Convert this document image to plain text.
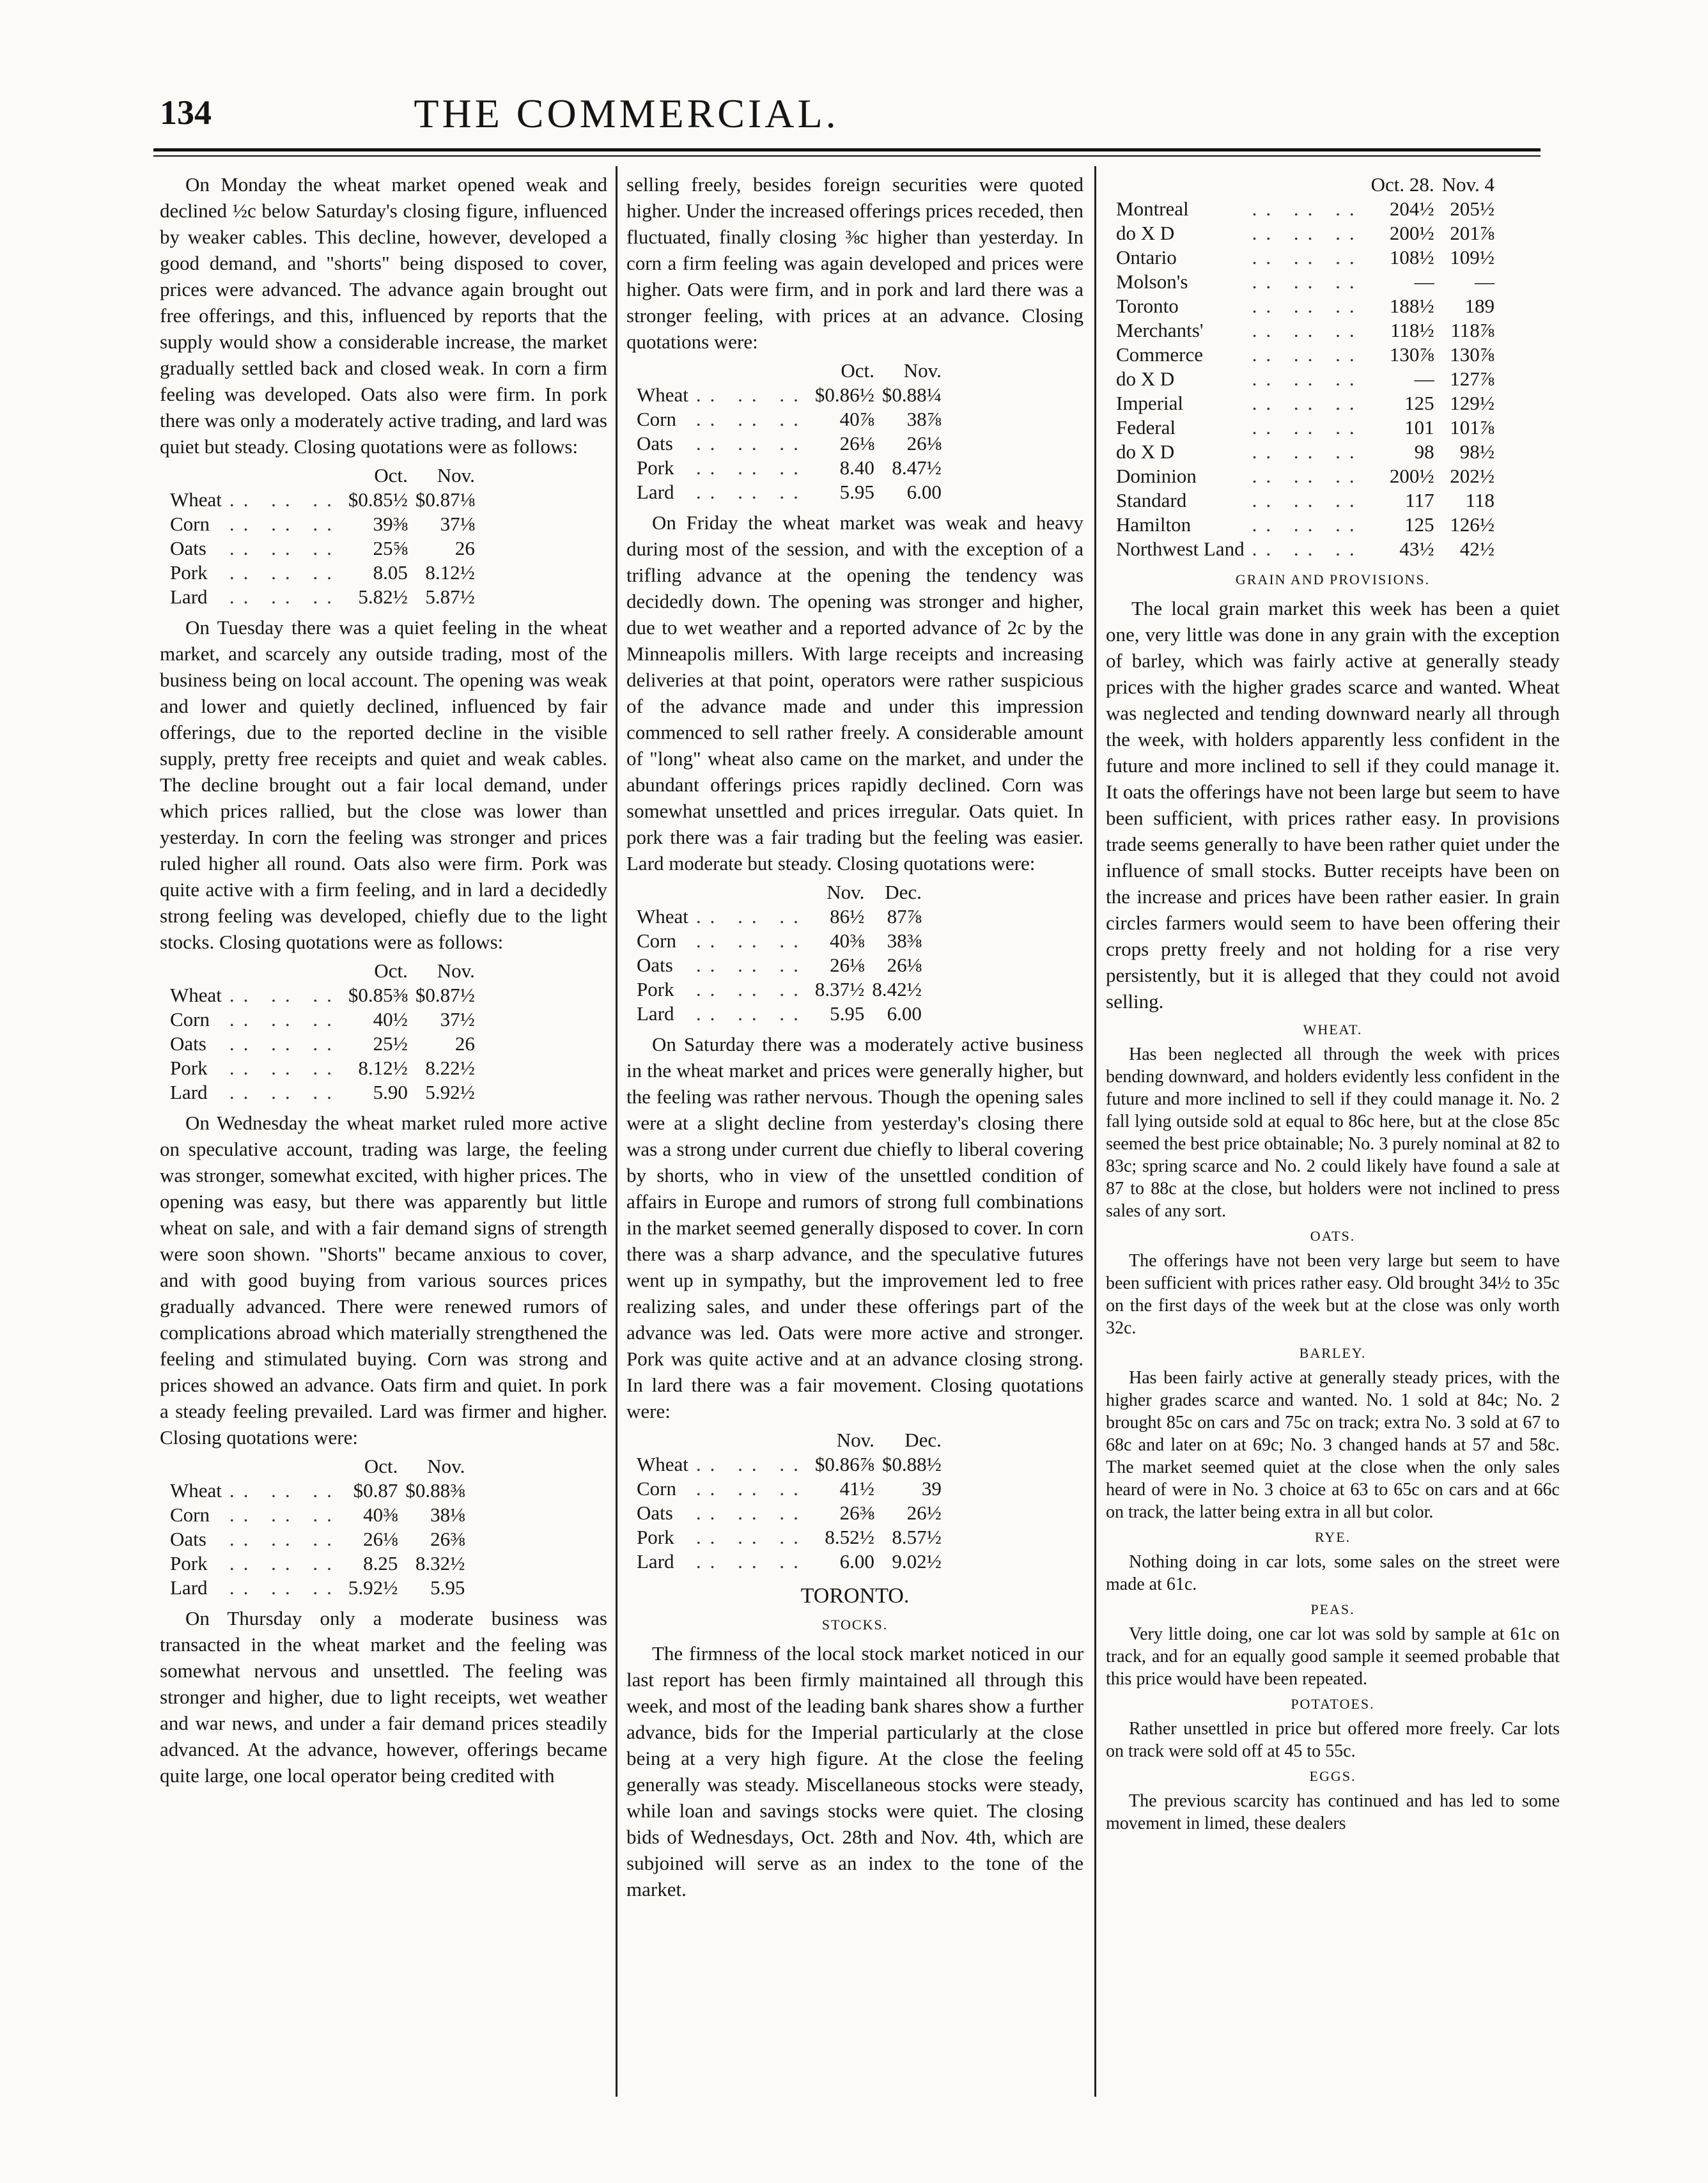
134	THE COMMERCIAL.

On Monday the wheat market opened weak and declined ½c below Saturday's closing figure, influenced by weaker cables. This decline, however, developed a good demand, and "shorts" being disposed to cover, prices were advanced. The advance again brought out free offerings, and this, influenced by reports that the supply would show a considerable increase, the market gradually settled back and closed weak. In corn a firm feeling was developed. Oats also were firm. In pork there was only a moderately active trading, and lard was quiet but steady. Closing quotations were as follows:

		Oct.	Nov.
Wheat	.. .. ..	$0.85½	$0.87⅛
Corn	.. .. ..	39⅜	37⅛
Oats	.. .. ..	25⅝	26
Pork	.. .. ..	8.05	8.12½
Lard	.. .. ..	5.82½	5.87½

On Tuesday there was a quiet feeling in the wheat market, and scarcely any outside trading, most of the business being on local account. The opening was weak and lower and quietly declined, influenced by fair offerings, due to the reported decline in the visible supply, pretty free receipts and quiet and weak cables. The decline brought out a fair local demand, under which prices rallied, but the close was lower than yesterday. In corn the feeling was stronger and prices ruled higher all round. Oats also were firm. Pork was quite active with a firm feeling, and in lard a decidedly strong feeling was developed, chiefly due to the light stocks. Closing quotations were as follows:

		Oct.	Nov.
Wheat	.. .. ..	$0.85⅜	$0.87½
Corn	.. .. ..	40½	37½
Oats	.. .. ..	25½	26
Pork	.. .. ..	8.12½	8.22½
Lard	.. .. ..	5.90	5.92½

On Wednesday the wheat market ruled more active on speculative account, trading was large, the feeling was stronger, somewhat excited, with higher prices. The opening was easy, but there was apparently but little wheat on sale, and with a fair demand signs of strength were soon shown. "Shorts" became anxious to cover, and with good buying from various sources prices gradually advanced. There were renewed rumors of complications abroad which materially strengthened the feeling and stimulated buying. Corn was strong and prices showed an advance. Oats firm and quiet. In pork a steady feeling prevailed. Lard was firmer and higher. Closing quotations were:

		Oct.	Nov.
Wheat	.. .. ..	$0.87	$0.88⅜
Corn	.. .. ..	40⅜	38⅛
Oats	.. .. ..	26⅛	26⅜
Pork	.. .. ..	8.25	8.32½
Lard	.. .. ..	5.92½	5.95

On Thursday only a moderate business was transacted in the wheat market and the feeling was somewhat nervous and unsettled. The feeling was stronger and higher, due to light receipts, wet weather and war news, and under a fair demand prices steadily advanced. At the advance, however, offerings became quite large, one local operator being credited with

selling freely, besides foreign securities were quoted higher. Under the increased offerings prices receded, then fluctuated, finally closing ⅜c higher than yesterday. In corn a firm feeling was again developed and prices were higher. Oats were firm, and in pork and lard there was a stronger feeling, with prices at an advance. Closing quotations were:

		Oct.	Nov.
Wheat	.. .. ..	$0.86½	$0.88¼
Corn	.. .. ..	40⅞	38⅞
Oats	.. .. ..	26⅛	26⅛
Pork	.. .. ..	8.40	8.47½
Lard	.. .. ..	5.95	6.00

On Friday the wheat market was weak and heavy during most of the session, and with the exception of a trifling advance at the opening the tendency was decidedly down. The opening was stronger and higher, due to wet weather and a reported advance of 2c by the Minneapolis millers. With large receipts and increasing deliveries at that point, operators were rather suspicious of the advance made and under this impression commenced to sell rather freely. A considerable amount of "long" wheat also came on the market, and under the abundant offerings prices rapidly declined. Corn was somewhat unsettled and prices irregular. Oats quiet. In pork there was a fair trading but the feeling was easier. Lard moderate but steady. Closing quotations were:

		Nov.	Dec.
Wheat	.. .. ..	86½	87⅞
Corn	.. .. ..	40⅜	38⅜
Oats	.. .. ..	26⅛	26⅛
Pork	.. .. ..	8.37½	8.42½
Lard	.. .. ..	5.95	6.00

On Saturday there was a moderately active business in the wheat market and prices were generally higher, but the feeling was rather nervous. Though the opening sales were at a slight decline from yesterday's closing there was a strong under current due chiefly to liberal covering by shorts, who in view of the unsettled condition of affairs in Europe and rumors of strong full combinations in the market seemed generally disposed to cover. In corn there was a sharp advance, and the speculative futures went up in sympathy, but the improvement led to free realizing sales, and under these offerings part of the advance was led. Oats were more active and stronger. Pork was quite active and at an advance closing strong. In lard there was a fair movement. Closing quotations were:

		Nov.	Dec.
Wheat	.. .. ..	$0.86⅞	$0.88½
Corn	.. .. ..	41½	39
Oats	.. .. ..	26⅜	26½
Pork	.. .. ..	8.52½	8.57½
Lard	.. .. ..	6.00	9.02½
TORONTO.
STOCKS.

The firmness of the local stock market noticed in our last report has been firmly maintained all through this week, and most of the leading bank shares show a further advance, bids for the Imperial particularly at the close being at a very high figure. At the close the feeling generally was steady. Miscellaneous stocks were steady, while loan and savings stocks were quiet. The closing bids of Wednesdays, Oct. 28th and Nov. 4th, which are subjoined will serve as an index to the tone of the market.

		Oct. 28.	Nov. 4
Montreal	.. .. ..	204½	205½
do X D	.. .. ..	200½	201⅞
Ontario	.. .. ..	108½	109½
Molson's	.. .. ..	—	—
Toronto	.. .. ..	188½	189
Merchants'	.. .. ..	118½	118⅞
Commerce	.. .. ..	130⅞	130⅞
do X D	.. .. ..	—	127⅞
Imperial	.. .. ..	125	129½
Federal	.. .. ..	101	101⅞
do X D	.. .. ..	98	98½
Dominion	.. .. ..	200½	202½
Standard	.. .. ..	117	118
Hamilton	.. .. ..	125	126½
Northwest Land	.. .. ..	43½	42½
GRAIN AND PROVISIONS.

The local grain market this week has been a quiet one, very little was done in any grain with the exception of barley, which was fairly active at generally steady prices with the higher grades scarce and wanted. Wheat was neglected and tending downward nearly all through the week, with holders apparently less confident in the future and more inclined to sell if they could manage it. It oats the offerings have not been large but seem to have been sufficient, with prices rather easy. In provisions trade seems generally to have been rather quiet under the influence of small stocks. Butter receipts have been on the increase and prices have been rather easier. In grain circles farmers would seem to have been offering their crops pretty freely and not holding for a rise very persistently, but it is alleged that they could not avoid selling.

WHEAT.

Has been neglected all through the week with prices bending downward, and holders evidently less confident in the future and more inclined to sell if they could manage it. No. 2 fall lying outside sold at equal to 86c here, but at the close 85c seemed the best price obtainable; No. 3 purely nominal at 82 to 83c; spring scarce and No. 2 could likely have found a sale at 87 to 88c at the close, but holders were not inclined to press sales of any sort.

OATS.

The offerings have not been very large but seem to have been sufficient with prices rather easy. Old brought 34½ to 35c on the first days of the week but at the close was only worth 32c.

BARLEY.

Has been fairly active at generally steady prices, with the higher grades scarce and wanted. No. 1 sold at 84c; No. 2 brought 85c on cars and 75c on track; extra No. 3 sold at 67 to 68c and later on at 69c; No. 3 changed hands at 57 and 58c. The market seemed quiet at the close when the only sales heard of were in No. 3 choice at 63 to 65c on cars and at 66c on track, the latter being extra in all but color.

RYE.

Nothing doing in car lots, some sales on the street were made at 61c.

PEAS.

Very little doing, one car lot was sold by sample at 61c on track, and for an equally good sample it seemed probable that this price would have been repeated.

POTATOES.

Rather unsettled in price but offered more freely. Car lots on track were sold off at 45 to 55c.

EGGS.

The previous scarcity has continued and has led to some movement in limed, these dealers
